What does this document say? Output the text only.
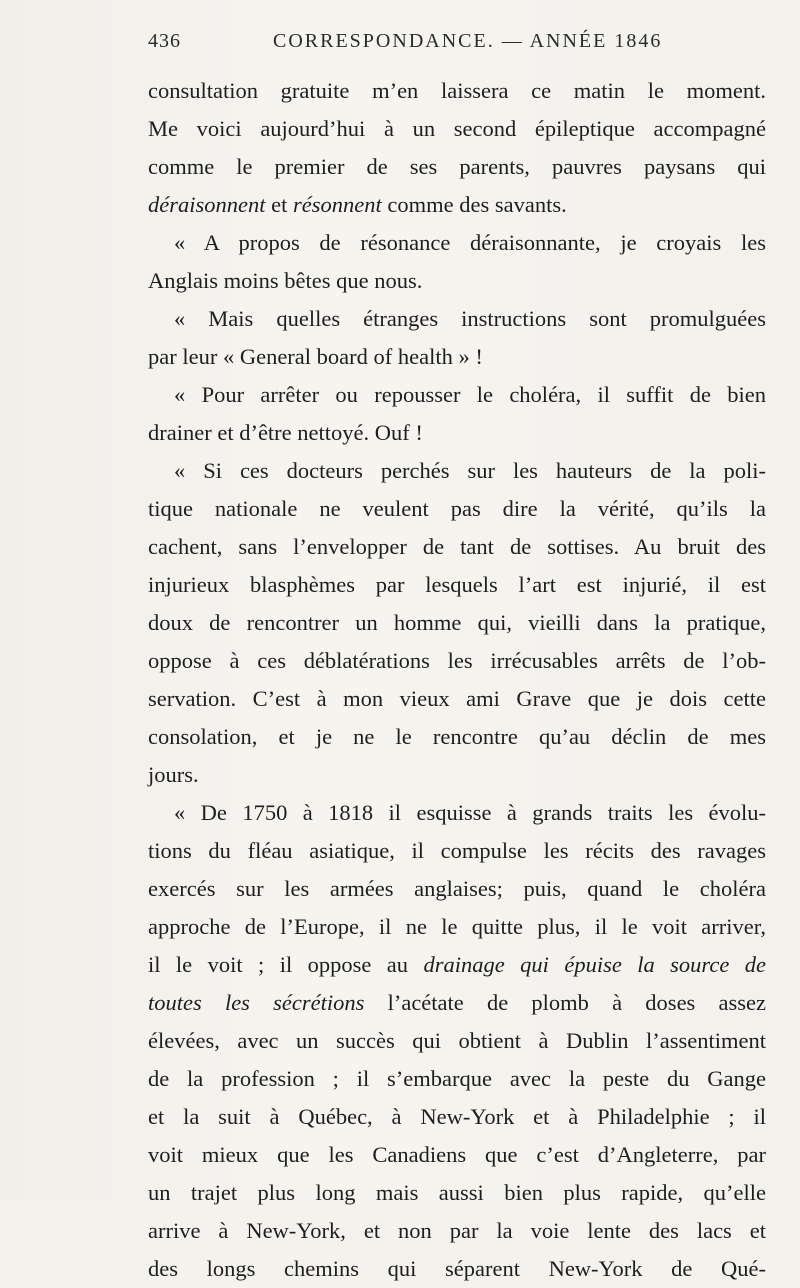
436	CORRESPONDANCE. — ANNÉE 1846
consultation gratuite m’en laissera ce matin le moment.
Me voici aujourd’hui à un second épileptique accompagné
comme le premier de ses parents, pauvres paysans qui
déraisonnent et résonnent comme des savants.
« A propos de résonance déraisonnante, je croyais les
Anglais moins bêtes que nous.
« Mais quelles étranges instructions sont promulguées
par leur « General board of health » !
« Pour arrêter ou repousser le choléra, il suffit de bien
drainer et d’être nettoyé. Ouf !
« Si ces docteurs perchés sur les hauteurs de la poli-
tique nationale ne veulent pas dire la vérité, qu’ils la
cachent, sans l’envelopper de tant de sottises. Au bruit des
injurieux blasphèmes par lesquels l’art est injurié, il est
doux de rencontrer un homme qui, vieilli dans la pratique,
oppose à ces déblatérations les irrécusables arrêts de l’ob-
servation. C’est à mon vieux ami Grave que je dois cette
consolation, et je ne le rencontre qu’au déclin de mes
jours.
« De 1750 à 1818 il esquisse à grands traits les évolu-
tions du fléau asiatique, il compulse les récits des ravages
exercés sur les armées anglaises; puis, quand le choléra
approche de l’Europe, il ne le quitte plus, il le voit arriver,
il le voit ; il oppose au drainage qui épuise la source de
toutes les sécrétions l’acétate de plomb à doses assez
élevées, avec un succès qui obtient à Dublin l’assentiment
de la profession ; il s’embarque avec la peste du Gange
et la suit à Québec, à New-York et à Philadelphie ; il
voit mieux que les Canadiens que c’est d’Angleterre, par
un trajet plus long mais aussi bien plus rapide, qu’elle
arrive à New-York, et non par la voie lente des lacs et
des longs chemins qui séparent New-York de Qué-
